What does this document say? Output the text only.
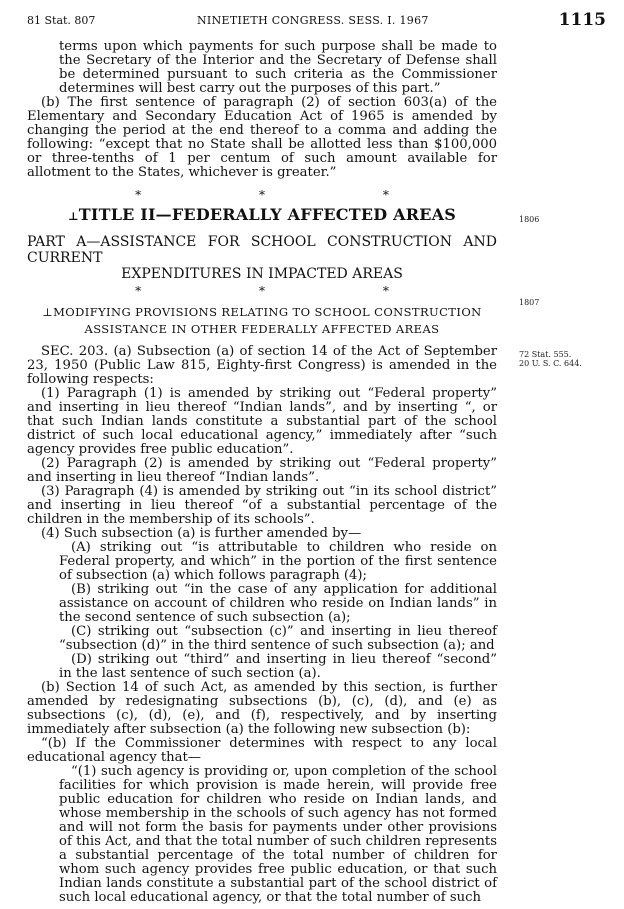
81 Stat. 807	NINETIETH CONGRESS. SESS. I. 1967	1115
1806
1807
72 Stat. 555.
20 U. S. C. 644.

terms upon which payments for such purpose shall be made to the Secretary of the Interior and the Secretary of Defense shall be determined pursuant to such criteria as the Commissioner determines will best carry out the purposes of this part.”

(b) The first sentence of paragraph (2) of section 603(a) of the Elementary and Secondary Education Act of 1965 is amended by changing the period at the end thereof to a comma and adding the following: “except that no State shall be allotted less than $100,000 or three-tenths of 1 per centum of such amount available for allotment to the States, whichever is greater.”

*	*	*
⊥TITLE II—FEDERALLY AFFECTED AREAS
PART A—ASSISTANCE FOR SCHOOL CONSTRUCTION AND CURRENT
EXPENDITURES IN IMPACTED AREAS
*	*	*
⊥MODIFYING PROVISIONS RELATING TO SCHOOL CONSTRUCTION
ASSISTANCE IN OTHER FEDERALLY AFFECTED AREAS

SEC. 203. (a) Subsection (a) of section 14 of the Act of September 23, 1950 (Public Law 815, Eighty-first Congress) is amended in the following respects:

(1) Paragraph (1) is amended by striking out “Federal property” and inserting in lieu thereof “Indian lands”, and by inserting “, or that such Indian lands constitute a substantial part of the school district of such local educational agency,” immediately after “such agency provides free public education”.

(2) Paragraph (2) is amended by striking out “Federal property” and inserting in lieu thereof “Indian lands”.

(3) Paragraph (4) is amended by striking out “in its school district” and inserting in lieu thereof “of a substantial percentage of the children in the membership of its schools”.

(4) Such subsection (a) is further amended by—

(A) striking out “is attributable to children who reside on Federal property, and which” in the portion of the first sentence of subsection (a) which follows paragraph (4);

(B) striking out “in the case of any application for additional assistance on account of children who reside on Indian lands” in the second sentence of such subsection (a);

(C) striking out “subsection (c)” and inserting in lieu thereof “subsection (d)” in the third sentence of such subsection (a); and

(D) striking out “third” and inserting in lieu thereof “second” in the last sentence of such section (a).

(b) Section 14 of such Act, as amended by this section, is further amended by redesignating subsections (b), (c), (d), and (e) as subsections (c), (d), (e), and (f), respectively, and by inserting immediately after subsection (a) the following new subsection (b):

“(b) If the Commissioner determines with respect to any local educational agency that—

“(1) such agency is providing or, upon completion of the school facilities for which provision is made herein, will provide free public education for children who reside on Indian lands, and whose membership in the schools of such agency has not formed and will not form the basis for payments under other provisions of this Act, and that the total number of such children represents a substantial percentage of the total number of children for whom such agency provides free public education, or that such Indian lands constitute a substantial part of the school district of such local educational agency, or that the total number of such
